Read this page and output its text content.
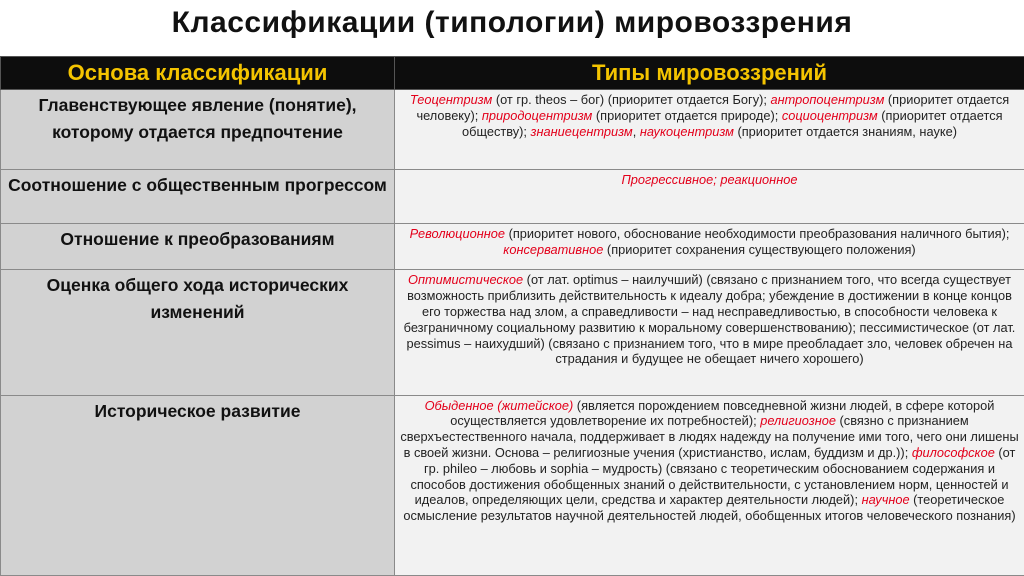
Классификации (типологии) мировоззрения
Основа классификации	Типы мировоззрений
Главенствующее явление (понятие), которому отдается предпочтение	Теоцентризм (от гр. theos – бог) (приоритет отдается Богу); антропоцентризм (приоритет отдается человеку); природоцентризм (приоритет отдается природе); социоцентризм (приоритет отдается обществу); знаниецентризм, наукоцентризм (приоритет отдается знаниям, науке)
Соотношение с общественным прогрессом	Прогрессивное; реакционное
Отношение к преобразованиям	Революционное (приоритет нового, обоснование необходимости преобразования наличного бытия); консервативное (приоритет сохранения существующего положения)
Оценка общего хода исторических изменений	Оптимистическое (от лат. optimus – наилучший) (связано с признанием того, что всегда существует возможность приблизить действительность к идеалу добра; убеждение в достижении в конце концов его торжества над злом, а справедливости – над несправедливостью, в способности человека к безграничному социальному развитию к моральному совершенствованию); пессимистическое (от лат. pessimus – наихудший) (связано с признанием того, что в мире преобладает зло, человек обречен на страдания и будущее не обещает ничего хорошего)
Историческое развитие	Обыденное (житейское) (является порождением повседневной жизни людей, в сфере которой осуществляется удовлетворение их потребностей); религиозное (связно с признанием сверхъестественного начала, поддерживает в людях надежду на получение ими того, чего они лишены в своей жизни. Основа – религиозные учения (христианство, ислам, буддизм и др.)); философское (от гр. phileo – любовь и sophia – мудрость) (связано с теоретическим обоснованием содержания и способов достижения обобщенных знаний о действительности, с установлением норм, ценностей и идеалов, определяющих цели, средства и характер деятельности людей); научное (теоретическое осмысление результатов научной деятельностей людей, обобщенных итогов человеческого познания)
